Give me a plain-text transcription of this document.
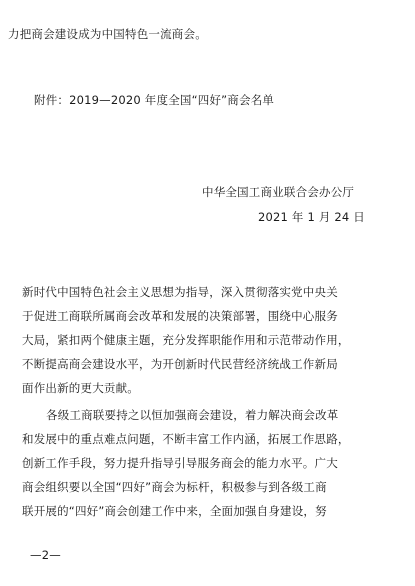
力把商会建设成为中国特色一流商会。

附件：2019—2020 年度全国“四好”商会名单

中华全国工商业联合会办公厅

2021 年 1 月 24 日

新时代中国特色社会主义思想为指导，深入贯彻落实党中央关

于促进工商联所属商会改革和发展的决策部署，围绕中心服务

大局，紧扣两个健康主题，充分发挥职能作用和示范带动作用，

不断提高商会建设水平，为开创新时代民营经济统战工作新局

面作出新的更大贡献。

各级工商联要持之以恒加强商会建设，着力解决商会改革

和发展中的重点难点问题，不断丰富工作内涵，拓展工作思路，

创新工作手段，努力提升指导引导服务商会的能力水平。广大

商会组织要以全国“四好”商会为标杆，积极参与到各级工商

联开展的“四好”商会创建工作中来，全面加强自身建设，努

—2—
